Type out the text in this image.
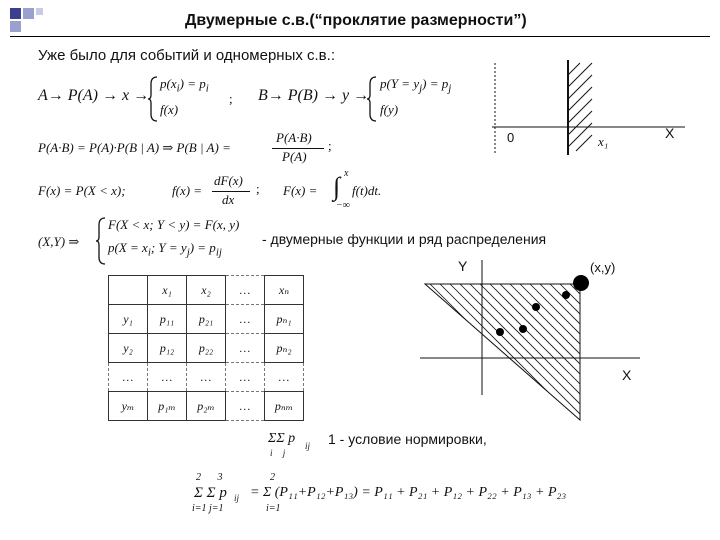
Двумерные с.в.(“проклятие размерности”)
Уже было для событий и одномерных с.в.:
A→ P(A) → x →
$p(x_i) = p_i$
f(x)
; B→ P(B) → y →
$p(Y = y_j) = p_j$
f(y)
P(A·B) = P(A)·P(B | A) ⇒ P(B | A) =
P(A·B)
P(A)
;
F(x) = P(X < x);	f(x) =
dF(x)
dx
; F(x) = ∫ x
−∞
f(t)dt.
(X,Y) ⇒
F(X < x; Y < y) = F(x, y)
$p(X = x_i$; $Y = y_j) = p_{ij}$
- двумерные функции и ряд распределения
	x₁	x₂	…	xₙ
y₁	p₁₁	p₂₁	…	pₙ₁
y₂	p₁₂	p₂₂	…	pₙ₂
…	…	…	…	…
yₘ	p₁ₘ	p₂ₘ	…	pₙₘ
ΣΣ p
i j
ij 1 - условие нормировки,
2 3
Σ Σ p ij
i=1 j=1
2
= Σ (P₁₁+P₁₂+P₁₃) = P₁₁ + P₂₁ + P₁₂ + P₂₂ + P₁₃ + P₂₃
i=1
0	X
x₁
Y
X
(x,y)
